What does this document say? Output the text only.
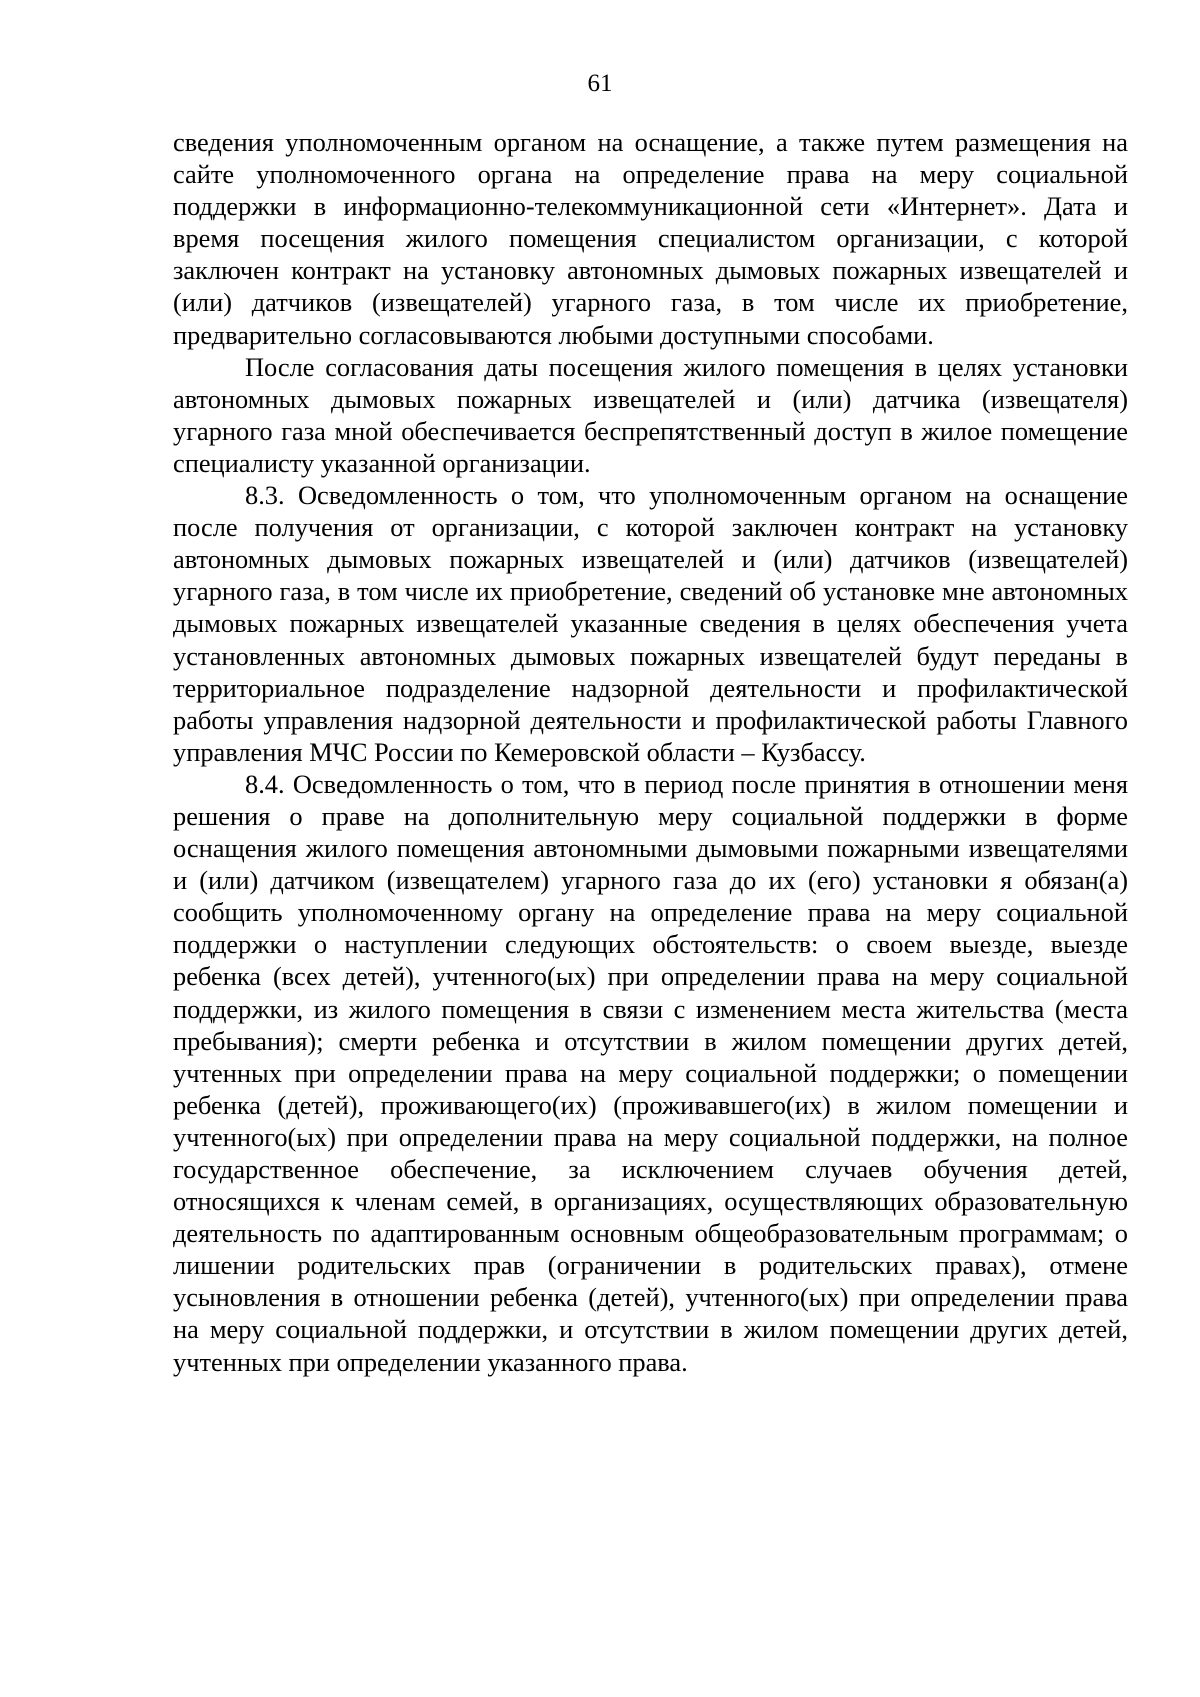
61

сведения уполномоченным органом на оснащение, а также путем размещения на сайте уполномоченного органа на определение права на меру социальной поддержки в информационно-телекоммуникационной сети «Интернет». Дата и время посещения жилого помещения специалистом организации, с которой заключен контракт на установку автономных дымовых пожарных извещателей и (или) датчиков (извещателей) угарного газа, в том числе их приобретение, предварительно согласовываются любыми доступными способами.

После согласования даты посещения жилого помещения в целях установки автономных дымовых пожарных извещателей и (или) датчика (извещателя) угарного газа мной обеспечивается беспрепятственный доступ в жилое помещение специалисту указанной организации.

8.3. Осведомленность о том, что уполномоченным органом на оснащение после получения от организации, с которой заключен контракт на установку автономных дымовых пожарных извещателей и (или) датчиков (извещателей) угарного газа, в том числе их приобретение, сведений об установке мне автономных дымовых пожарных извещателей указанные сведения в целях обеспечения учета установленных автономных дымовых пожарных извещателей будут переданы в территориальное подразделение надзорной деятельности и профилактической работы управления надзорной деятельности и профилактической работы Главного управления МЧС России по Кемеровской области – Кузбассу.

8.4. Осведомленность о том, что в период после принятия в отношении меня решения о праве на дополнительную меру социальной поддержки в форме оснащения жилого помещения автономными дымовыми пожарными извещателями и (или) датчиком (извещателем) угарного газа до их (его) установки я обязан(а) сообщить уполномоченному органу на определение права на меру социальной поддержки о наступлении следующих обстоятельств: о своем выезде, выезде ребенка (всех детей), учтенного(ых) при определении права на меру социальной поддержки, из жилого помещения в связи с изменением места жительства (места пребывания); смерти ребенка и отсутствии в жилом помещении других детей, учтенных при определении права на меру социальной поддержки; о помещении ребенка (детей), проживающего(их) (проживавшего(их) в жилом помещении и учтенного(ых) при определении права на меру социальной поддержки, на полное государственное обеспечение, за исключением случаев обучения детей, относящихся к членам семей, в организациях, осуществляющих образовательную деятельность по адаптированным основным общеобразовательным программам; о лишении родительских прав (ограничении в родительских правах), отмене усыновления в отношении ребенка (детей), учтенного(ых) при определении права на меру социальной поддержки, и отсутствии в жилом помещении других детей, учтенных при определении указанного права.
